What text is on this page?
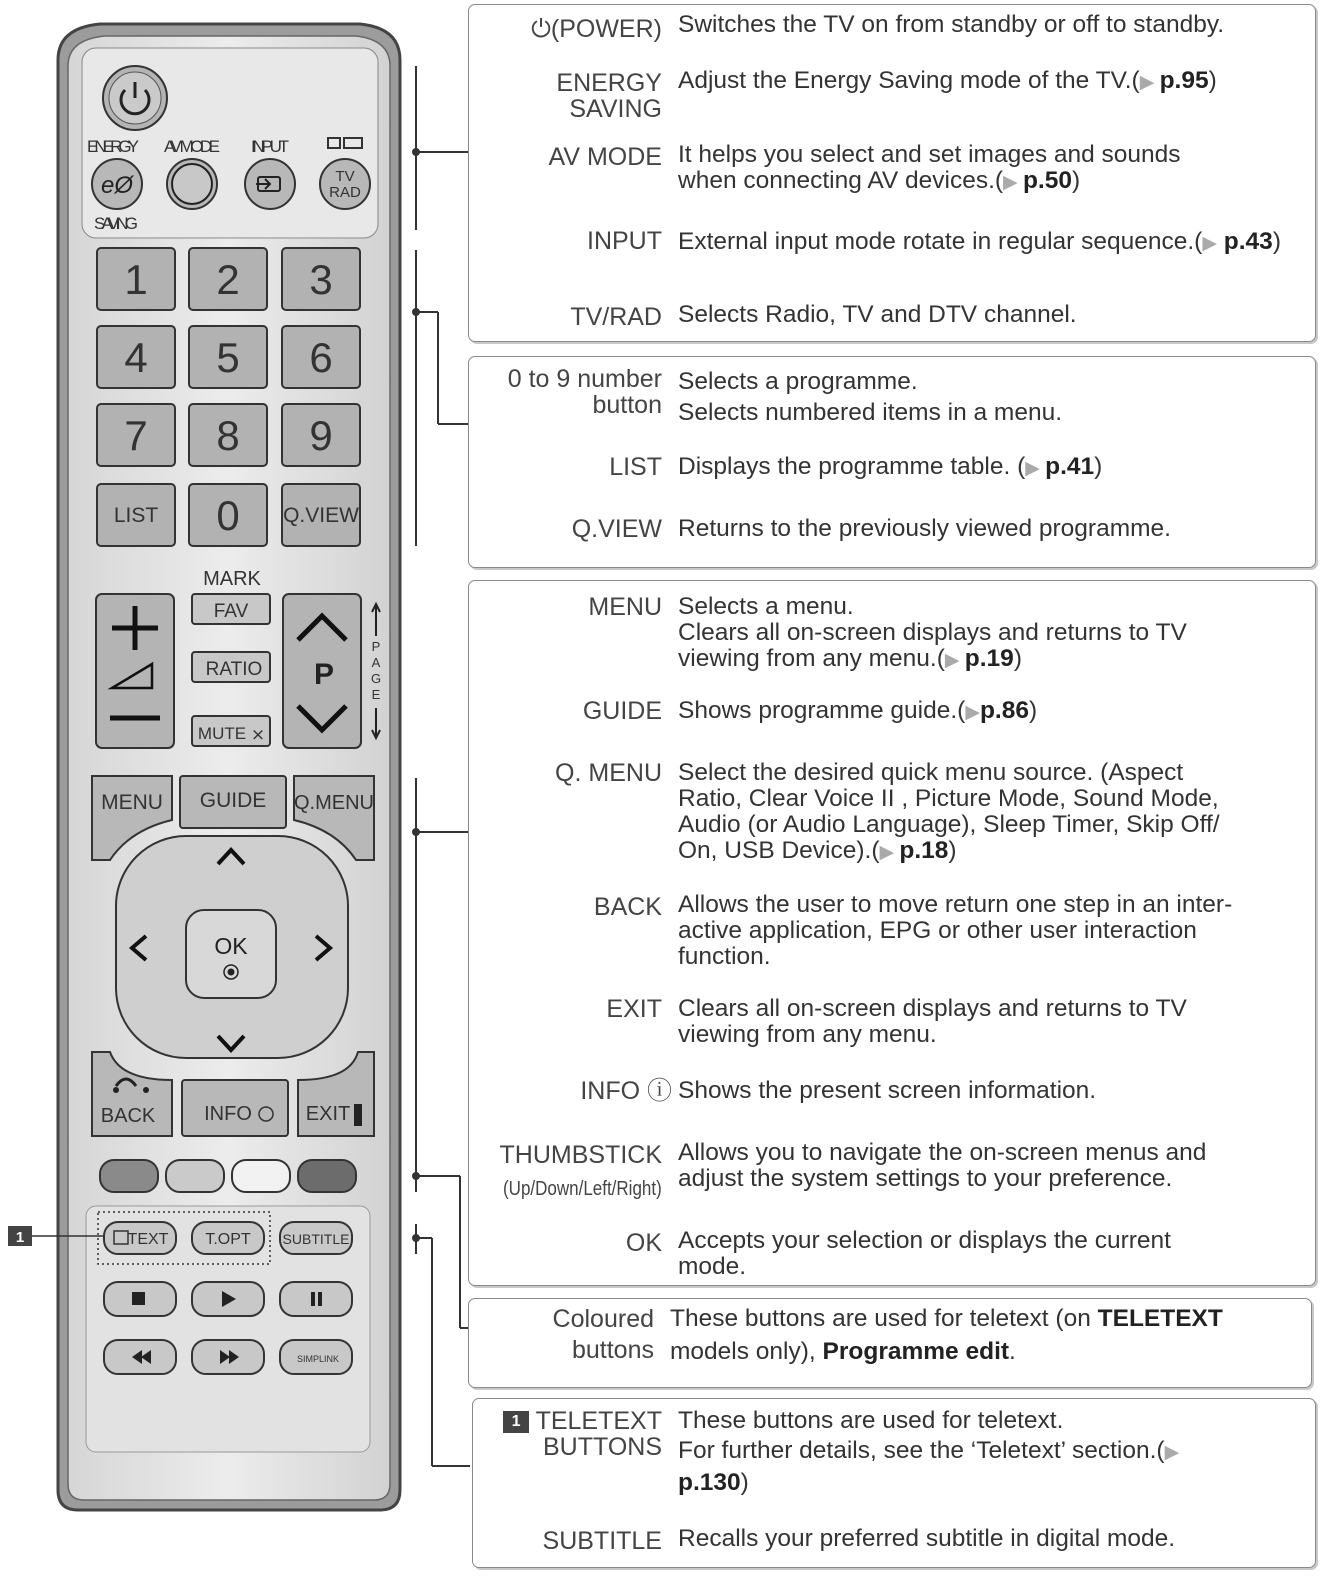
ENERGY AV MODE INPUT
SAVING
eØ	TV
RAD
1 2 3
4 5 6
7 8 9
LIST 0 Q.VIEW
MARK
FAV
RATIO
MUTE ⨯
P
P
A
G
E
MENU GUIDE Q.MENU
OK
BACK INFO	EXIT
TEXT T.OPT SUBTITLE
SIMPLINK
1
⏻(POWER) Switches the TV on from standby or off to standby.
ENERGY
SAVING
Adjust the Energy Saving mode of the TV.(▶ p.95)
AV MODE It helps you select and set images and sounds
when connecting AV devices.(▶ p.50)
INPUT External input mode rotate in regular sequence.(▶ p.43)
TV/RAD Selects Radio, TV and DTV channel.
0 to 9 number
button
Selects a programme.
Selects numbered items in a menu.
LIST Displays the programme table. (▶ p.41)
Q.VIEW Returns to the previously viewed programme.
MENU Selects a menu.
Clears all on-screen displays and returns to TV
viewing from any menu.(▶ p.19)
GUIDE Shows programme guide.(▶p.86)
Q. MENU Select the desired quick menu source. (Aspect
Ratio, Clear Voice II , Picture Mode, Sound Mode,
Audio (or Audio Language), Sleep Timer, Skip Off/
On, USB Device).(▶ p.18)
BACK Allows the user to move return one step in an inter-
active application, EPG or other user interaction
function.
EXIT Clears all on-screen displays and returns to TV
viewing from any menu.
INFO ⓘ Shows the present screen information.
THUMBSTICK
(Up/Down/Left/Right)
Allows you to navigate the on-screen menus and
adjust the system settings to your preference.
OK Accepts your selection or displays the current
mode.
Coloured
buttons
These buttons are used for teletext (on TELETEXT
models only), Programme edit.
1 TELETEXT
BUTTONS
These buttons are used for teletext.
For further details, see the ‘Teletext’ section.(▶
p.130)
SUBTITLE Recalls your preferred subtitle in digital mode.
